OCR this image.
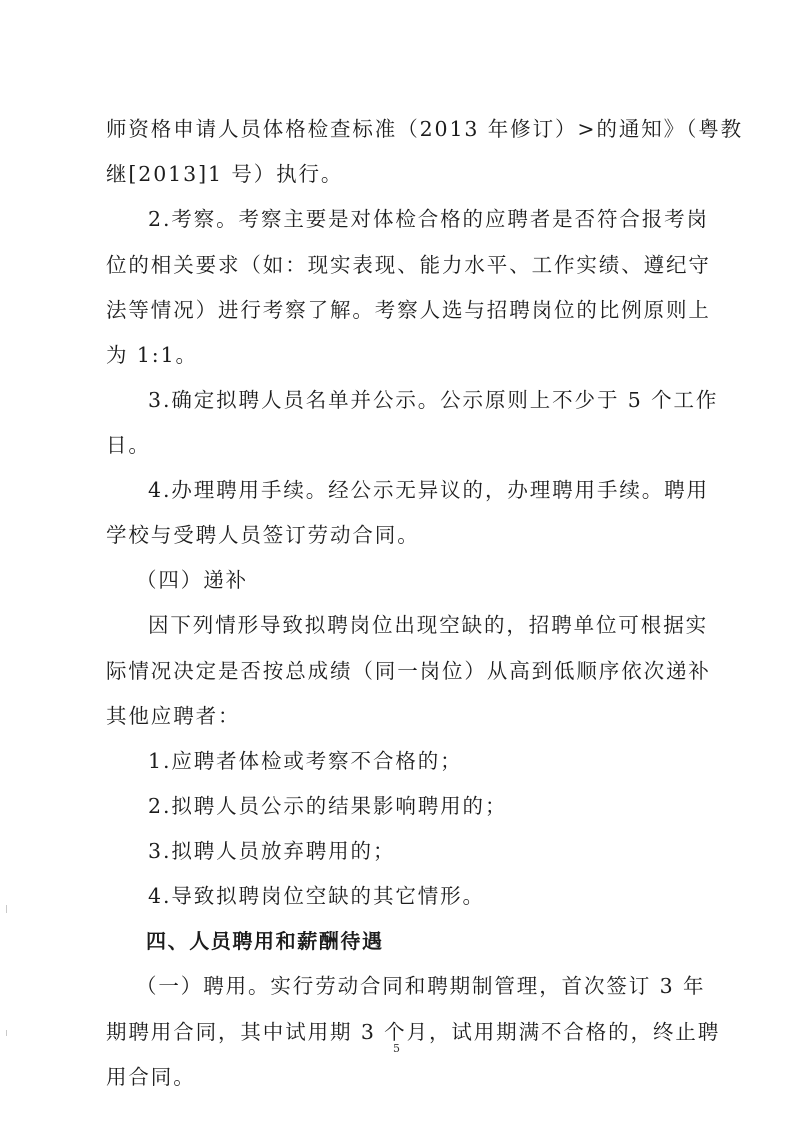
师资格申请人员体格检查标准（2013 年修订）>的通知》（粤教
继[2013]1 号）执行。
2.考察。考察主要是对体检合格的应聘者是否符合报考岗
位的相关要求（如：现实表现、能力水平、工作实绩、遵纪守
法等情况）进行考察了解。考察人选与招聘岗位的比例原则上
为 1:1。
3.确定拟聘人员名单并公示。公示原则上不少于 5 个工作
日。
4.办理聘用手续。经公示无异议的，办理聘用手续。聘用
学校与受聘人员签订劳动合同。
（四）递补
因下列情形导致拟聘岗位出现空缺的，招聘单位可根据实
际情况决定是否按总成绩（同一岗位）从高到低顺序依次递补
其他应聘者：
1.应聘者体检或考察不合格的；
2.拟聘人员公示的结果影响聘用的；
3.拟聘人员放弃聘用的；
4.导致拟聘岗位空缺的其它情形。
四、人员聘用和薪酬待遇
（一）聘用。实行劳动合同和聘期制管理，首次签订 3 年
期聘用合同，其中试用期 3 个月，试用期满不合格的，终止聘
用合同。
5
